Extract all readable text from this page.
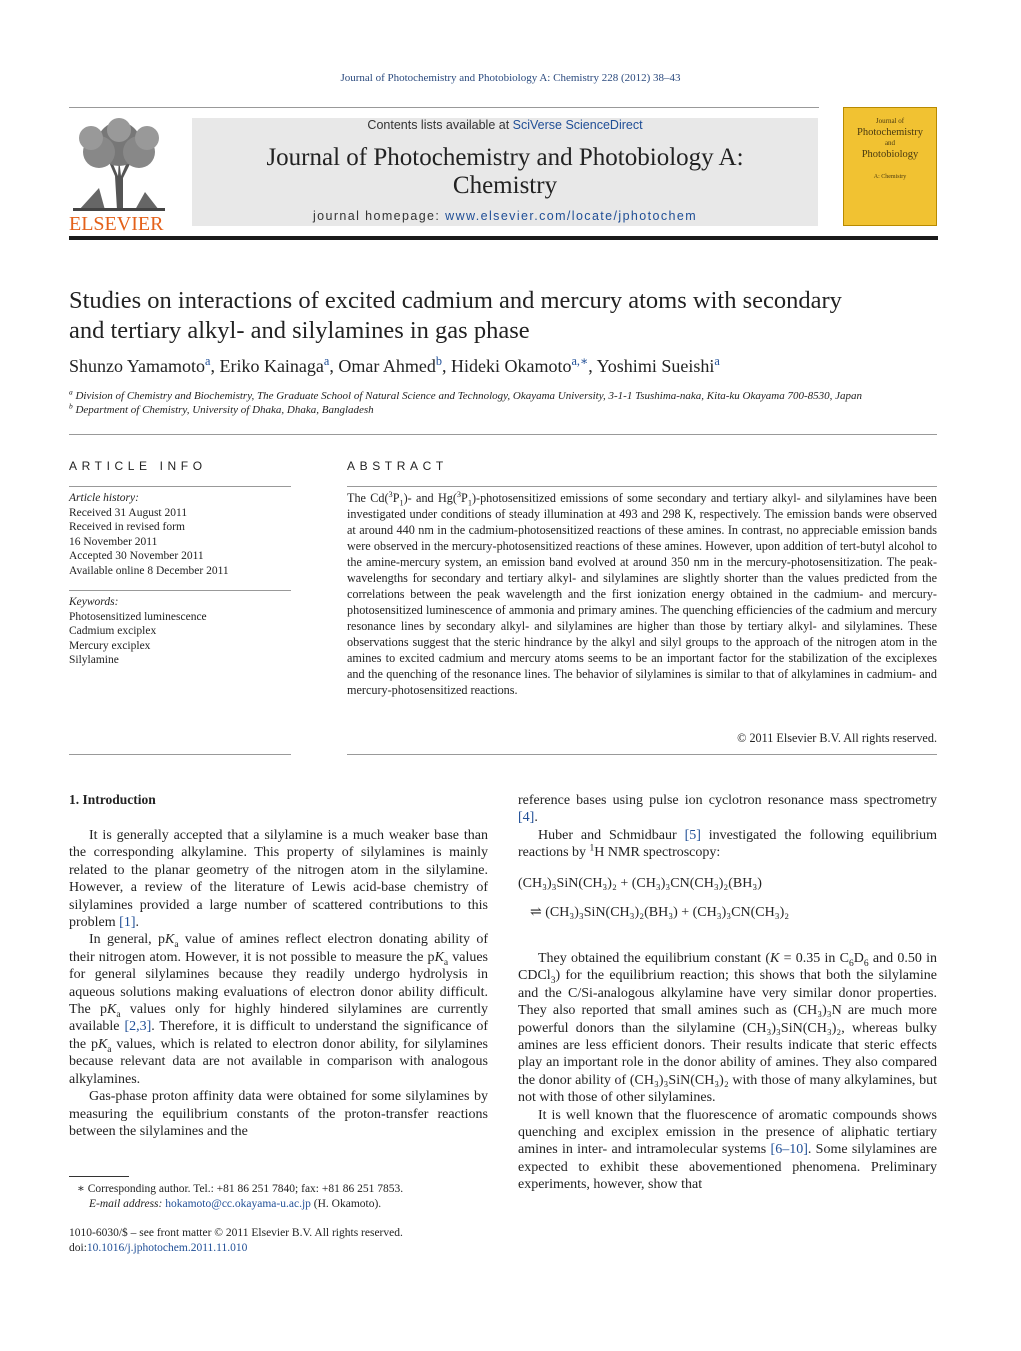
Journal of Photochemistry and Photobiology A: Chemistry 228 (2012) 38–43
ELSEVIER
Contents lists available at SciVerse ScienceDirect
Journal of Photochemistry and Photobiology A:
Chemistry
journal homepage: www.elsevier.com/locate/jphotochem
Journal of
Photochemistry
and
Photobiology
A: Chemistry
Studies on interactions of excited cadmium and mercury atoms with secondary
and tertiary alkyl- and silylamines in gas phase
Shunzo Yamamoto$^a$, Eriko Kainaga$^a$, Omar Ahmed$^b$, Hideki Okamoto$^{a,∗}$, Yoshimi Sueishi$^a$
$^a$ Division of Chemistry and Biochemistry, The Graduate School of Natural Science and Technology, Okayama University, 3-1-1 Tsushima-naka, Kita-ku Okayama 700-8530, Japan
$^b$ Department of Chemistry, University of Dhaka, Dhaka, Bangladesh
ARTICLE INFO
Article history:
Received 31 August 2011
Received in revised form
16 November 2011
Accepted 30 November 2011
Available online 8 December 2011
Keywords:
Photosensitized luminescence
Cadmium exciplex
Mercury exciplex
Silylamine
ABSTRACT
The $Cd(^3P_1)-$ and $Hg(^3P_1)$-photosensitized emissions of some secondary and tertiary alkyl- and silylamines have been investigated under conditions of steady illumination at 493 and 298 K, respectively. The emission bands were observed at around 440 nm in the cadmium-photosensitized reactions of these amines. In contrast, no appreciable emission bands were observed in the mercury-photosensitized reactions of these amines. However, upon addition of tert-butyl alcohol to the amine-mercury system, an emission band evolved at around 350 nm in the mercury-photosensitization. The peak-wavelengths for secondary and tertiary alkyl- and silylamines are slightly shorter than the values predicted from the correlations between the peak wavelength and the first ionization energy obtained in the cadmium- and mercury-photosensitized luminescence of ammonia and primary amines. The quenching efficiencies of the cadmium and mercury resonance lines by secondary alkyl- and silylamines are higher than those by tertiary alkyl- and silylamines. These observations suggest that the steric hindrance by the alkyl and silyl groups to the approach of the nitrogen atom in the amines to excited cadmium and mercury atoms seems to be an important factor for the stabilization of the exciplexes and the quenching of the resonance lines. The behavior of silylamines is similar to that of alkylamines in cadmium- and mercury-photosensitized reactions.
© 2011 Elsevier B.V. All rights reserved.
1. Introduction

It is generally accepted that a silylamine is a much weaker base than the corresponding alkylamine. This property of silylamines is mainly related to the planar geometry of the nitrogen atom in the silylamine. However, a review of the literature of Lewis acid-base chemistry of silylamines provided a large number of scattered contributions to this problem [1].

In general, $pK_a$ value of amines reflect electron donating ability of their nitrogen atom. However, it is not possible to measure the $pK_a$ values for general silylamines because they readily undergo hydrolysis in aqueous solutions making evaluations of electron donor ability difficult. The $pK_a$ values only for highly hindered silylamines are currently available [2,3]. Therefore, it is difficult to understand the significance of the $pK_a$ values, which is related to electron donor ability, for silylamines because relevant data are not available in comparison with analogous alkylamines.

Gas-phase proton affinity data were obtained for some silylamines by measuring the equilibrium constants of the proton-transfer reactions between the silylamines and the

∗ Corresponding author. Tel.: +81 86 251 7840; fax: +81 86 251 7853.
E-mail address: hokamoto@cc.okayama-u.ac.jp (H. Okamoto).
1010-6030/$ – see front matter © 2011 Elsevier B.V. All rights reserved.
doi:10.1016/j.jphotochem.2011.11.010

reference bases using pulse ion cyclotron resonance mass spectrometry [4].

Huber and Schmidbaur [5] investigated the following equilibrium reactions by $^1$H NMR spectroscopy:

(CH₃)₃SiN(CH₃)₂ + (CH₃)₃CN(CH₃)₂(BH₃)
⇌ (CH₃)₃SiN(CH₃)₂(BH₃) + (CH₃)₃CN(CH₃)₂

They obtained the equilibrium constant (K = 0.35 in $C_6D_6$ and 0.50 in CDCl$_3$) for the equilibrium reaction; this shows that both the silylamine and the C/Si-analogous alkylamine have very similar donor properties. They also reported that small amines such as (CH₃)₃N are much more powerful donors than the silylamine (CH₃)₃SiN(CH₃)₂, whereas bulky amines are less efficient donors. Their results indicate that steric effects play an important role in the donor ability of amines. They also compared the donor ability of (CH₃)₃SiN(CH₃)₂ with those of many alkylamines, but not with those of other silylamines.

It is well known that the fluorescence of aromatic compounds shows quenching and exciplex emission in the presence of aliphatic tertiary amines in inter- and intramolecular systems [6–10]. Some silylamines are expected to exhibit these abovementioned phenomena. Preliminary experiments, however, show that
